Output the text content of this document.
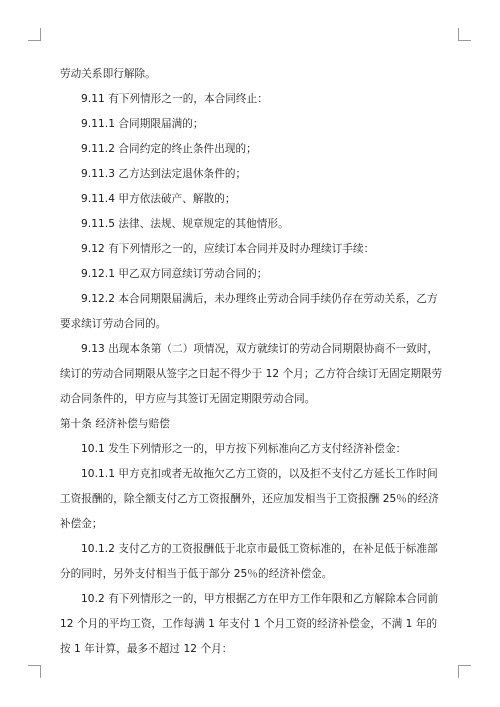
劳动关系即行解除。

9.11 有下列情形之一的，本合同终止：

9.11.1 合同期限届满的；

9.11.2 合同约定的终止条件出现的；

9.11.3 乙方达到法定退休条件的；

9.11.4 甲方依法破产、解散的；

9.11.5 法律、法规、规章规定的其他情形。

9.12 有下列情形之一的，应续订本合同并及时办理续订手续：

9.12.1 甲乙双方同意续订劳动合同的；

9.12.2 本合同期限届满后，未办理终止劳动合同手续仍存在劳动关系，乙方要求续订劳动合同的。

9.13 出现本条第（二）项情况，双方就续订的劳动合同期限协商不一致时，续订的劳动合同期限从签字之日起不得少于 12 个月；乙方符合续订无固定期限劳动合同条件的，甲方应与其签订无固定期限劳动合同。

第十条 经济补偿与赔偿

10.1 发生下列情形之一的，甲方按下列标准向乙方支付经济补偿金：

10.1.1 甲方克扣或者无故拖欠乙方工资的，以及拒不支付乙方延长工作时间工资报酬的，除全额支付乙方工资报酬外，还应加发相当于工资报酬 25％的经济补偿金；

10.1.2 支付乙方的工资报酬低于北京市最低工资标准的，在补足低于标准部分的同时，另外支付相当于低于部分 25％的经济补偿金。

10.2 有下列情形之一的，甲方根据乙方在甲方工作年限和乙方解除本合同前 12 个月的平均工资，工作每满 1 年支付 1 个月工资的经济补偿金，不满 1 年的按 1 年计算，最多不超过 12 个月：
